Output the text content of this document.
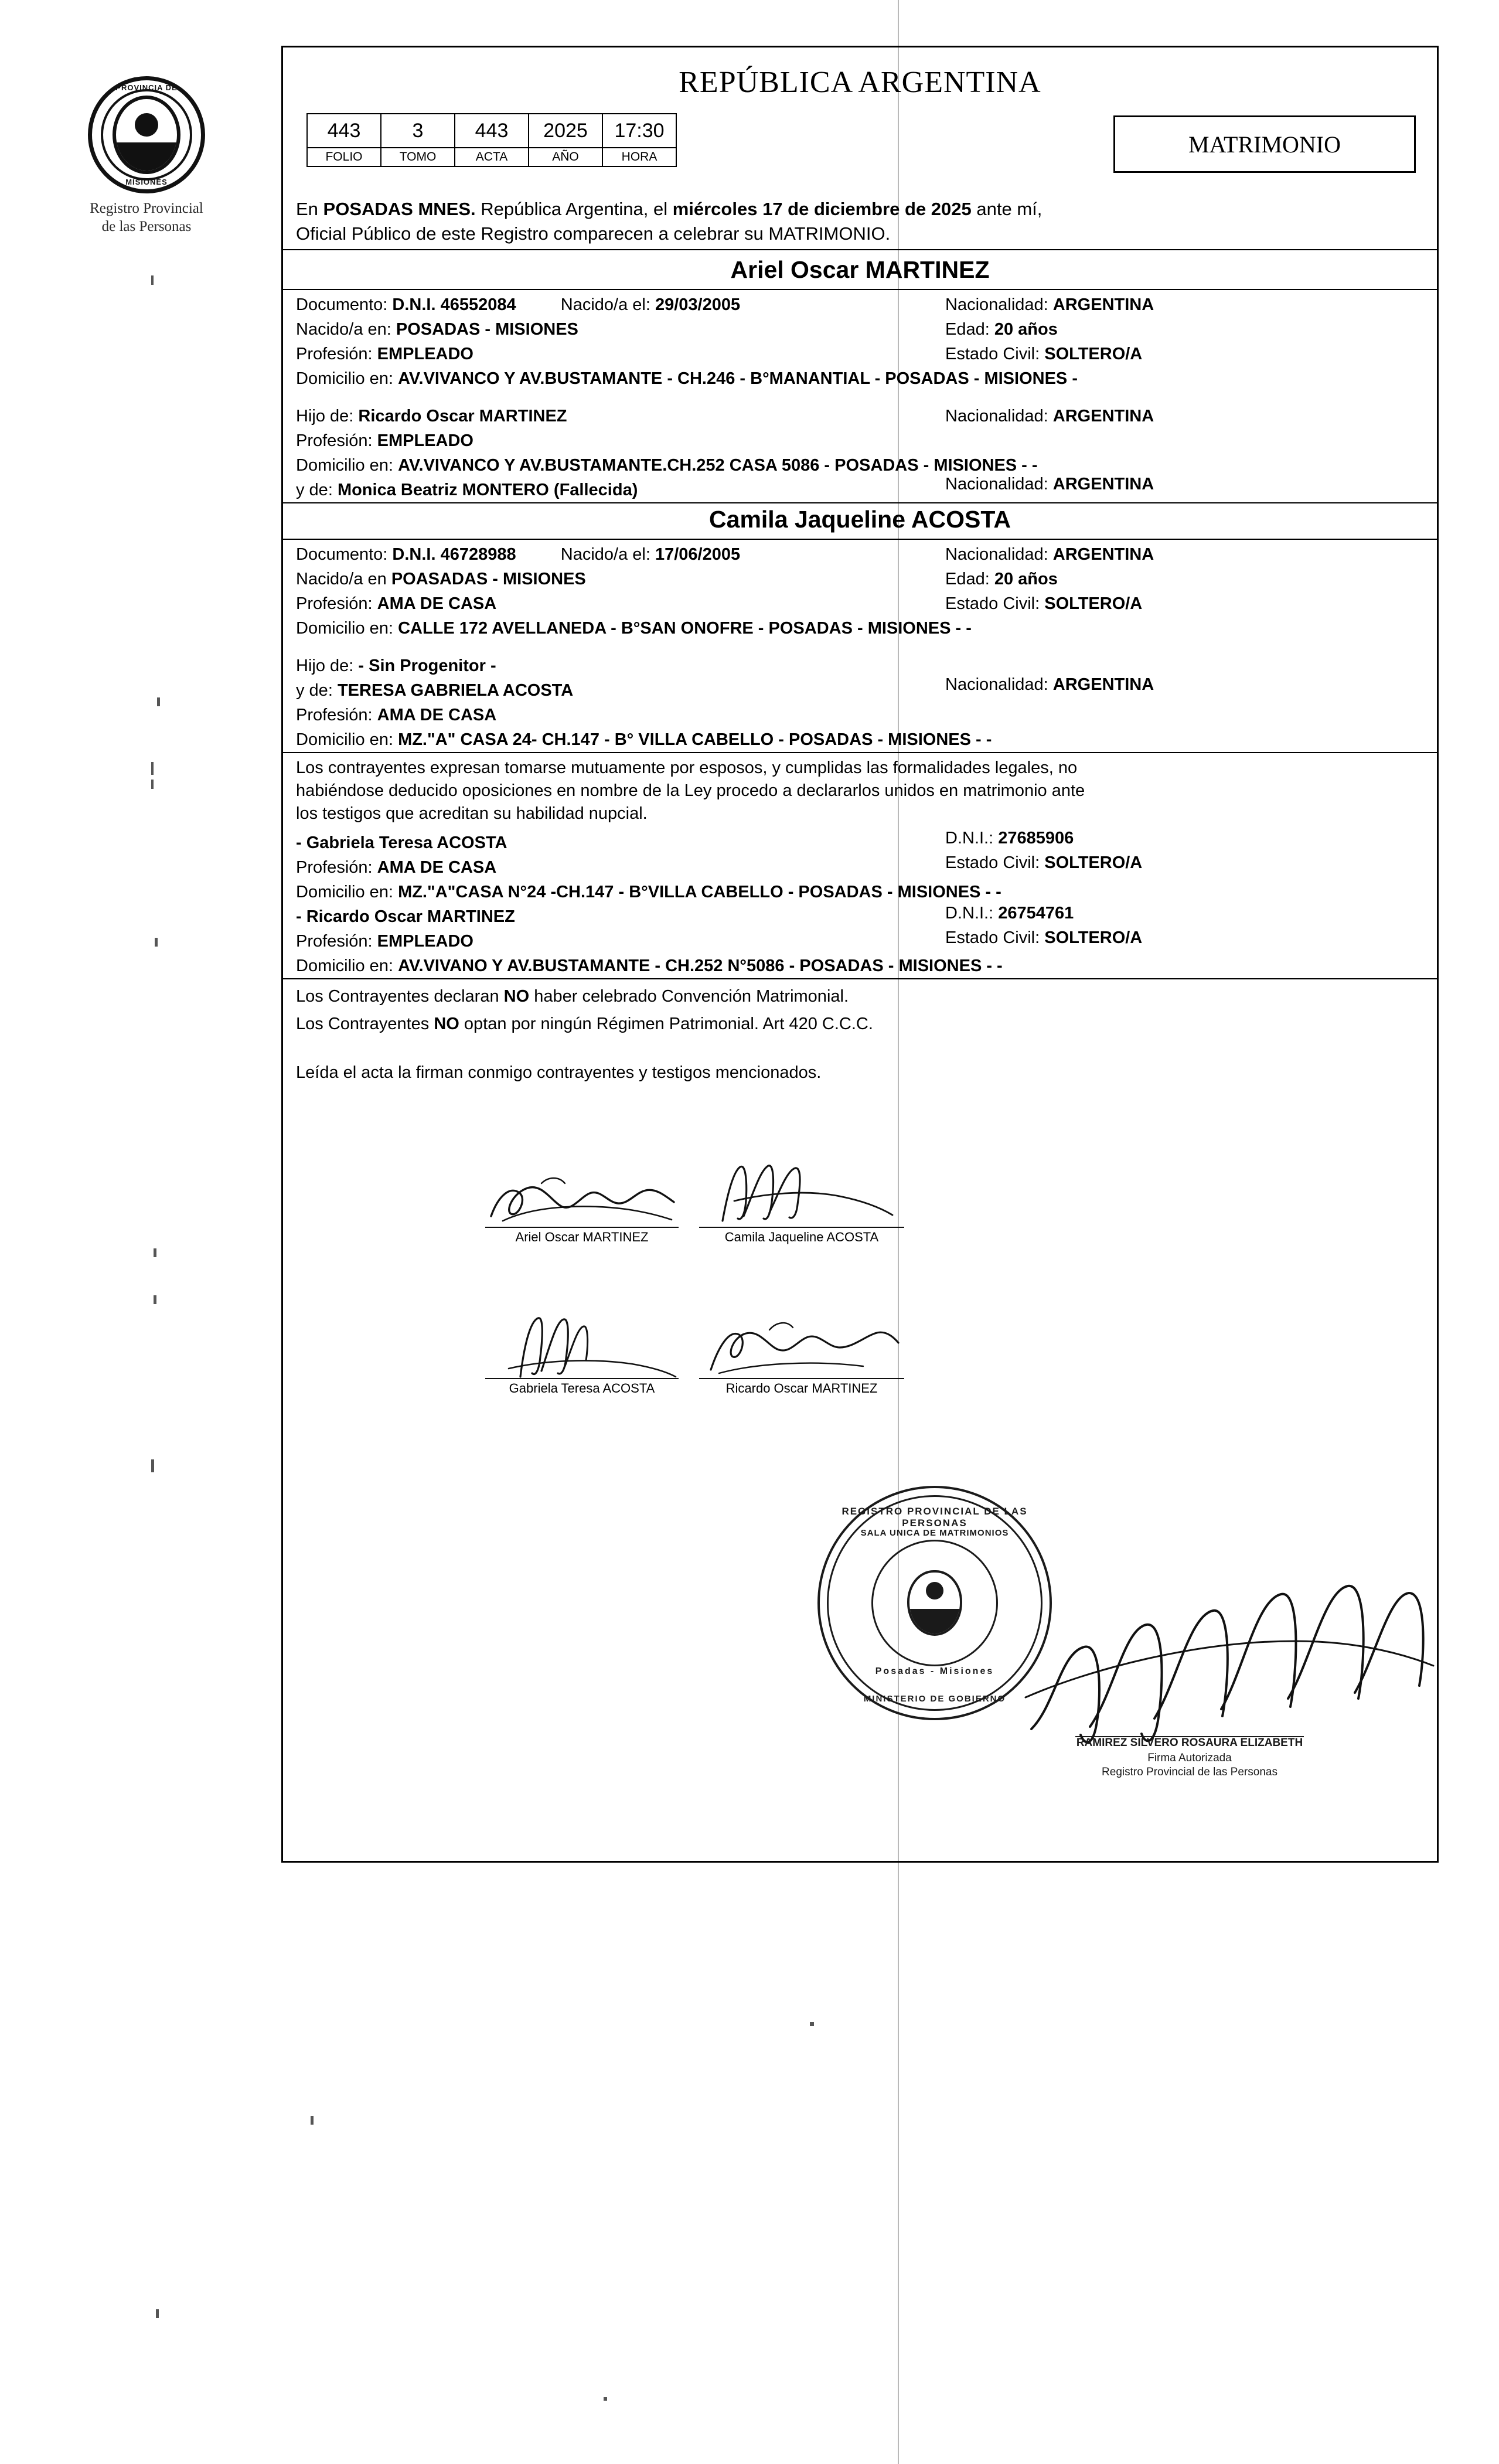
PROVINCIA DE
MISIONES
Registro Provincial
de las Personas
REPÚBLICA ARGENTINA
443	3	443	2025	17:30
FOLIO	TOMO	ACTA	AÑO	HORA	MATRIMONIO
En POSADAS MNES. República Argentina, el miércoles 17 de diciembre de 2025 ante mí,
Oficial Público de este Registro comparecen a celebrar su MATRIMONIO.
Ariel Oscar MARTINEZ
Documento: D.N.I. 46552084	Nacido/a el: 29/03/2005	Nacionalidad: ARGENTINA
Nacido/a en: POSADAS - MISIONES	Edad: 20 años
Profesión: EMPLEADO	Estado Civil: SOLTERO/A
Domicilio en: AV.VIVANCO Y AV.BUSTAMANTE - CH.246 - B°MANANTIAL - POSADAS - MISIONES -
Hijo de: Ricardo Oscar MARTINEZ	Nacionalidad: ARGENTINA
Profesión: EMPLEADO
Domicilio en: AV.VIVANCO Y AV.BUSTAMANTE.CH.252 CASA 5086 - POSADAS - MISIONES - -
y de: Monica Beatriz MONTERO (Fallecida)	Nacionalidad: ARGENTINA
Camila Jaqueline ACOSTA
Documento: D.N.I. 46728988	Nacido/a el: 17/06/2005	Nacionalidad: ARGENTINA
Nacido/a en POASADAS - MISIONES	Edad: 20 años
Profesión: AMA DE CASA	Estado Civil: SOLTERO/A
Domicilio en: CALLE 172 AVELLANEDA - B°SAN ONOFRE - POSADAS - MISIONES - -
Hijo de: - Sin Progenitor -
y de: TERESA GABRIELA ACOSTA	Nacionalidad: ARGENTINA
Profesión: AMA DE CASA
Domicilio en: MZ."A" CASA 24- CH.147 - B° VILLA CABELLO - POSADAS - MISIONES - -
Los contrayentes expresan tomarse mutuamente por esposos, y cumplidas las formalidades legales, no
habiéndose deducido oposiciones en nombre de la Ley procedo a declararlos unidos en matrimonio ante
los testigos que acreditan su habilidad nupcial.
- Gabriela Teresa ACOSTA	D.N.I.: 27685906
Profesión: AMA DE CASA	Estado Civil: SOLTERO/A
Domicilio en: MZ."A"CASA N°24 -CH.147 - B°VILLA CABELLO - POSADAS - MISIONES - -
- Ricardo Oscar MARTINEZ	D.N.I.: 26754761
Profesión: EMPLEADO	Estado Civil: SOLTERO/A
Domicilio en: AV.VIVANO Y AV.BUSTAMANTE - CH.252 N°5086 - POSADAS - MISIONES - -
Los Contrayentes declaran NO haber celebrado Convención Matrimonial.
Los Contrayentes NO optan por ningún Régimen Patrimonial. Art 420 C.C.C.
Leída el acta la firman conmigo contrayentes y testigos mencionados.
Ariel Oscar MARTINEZ	Camila Jaqueline ACOSTA
Gabriela Teresa ACOSTA	Ricardo Oscar MARTINEZ
REGISTRO PROVINCIAL DE LAS PERSONAS
SALA UNICA DE MATRIMONIOS
Posadas - Misiones
MINISTERIO DE GOBIERNO
RAMIREZ SILVERO ROSAURA ELIZABETH
Firma Autorizada
Registro Provincial de las Personas
